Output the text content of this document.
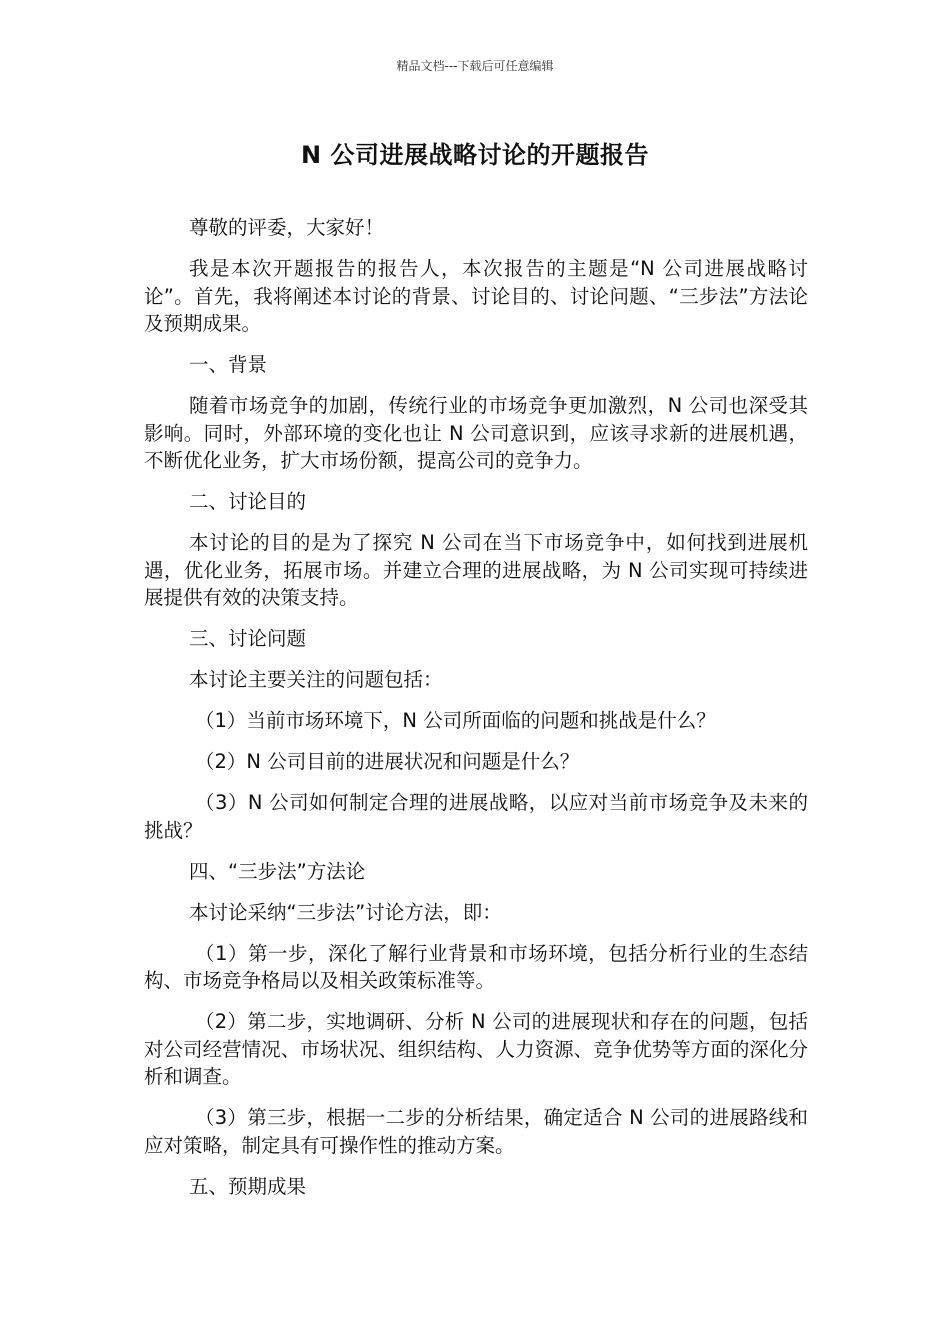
精品文档---下载后可任意编辑
N 公司进展战略讨论的开题报告

尊敬的评委，大家好！

我是本次开题报告的报告人，本次报告的主题是“N 公司进展战略讨论”。首先，我将阐述本讨论的背景、讨论目的、讨论问题、“三步法”方法论及预期成果。

一、背景

随着市场竞争的加剧，传统行业的市场竞争更加激烈，N 公司也深受其影响。同时，外部环境的变化也让 N 公司意识到，应该寻求新的进展机遇，不断优化业务，扩大市场份额，提高公司的竞争力。

二、讨论目的

本讨论的目的是为了探究 N 公司在当下市场竞争中，如何找到进展机遇，优化业务，拓展市场。并建立合理的进展战略，为 N 公司实现可持续进展提供有效的决策支持。

三、讨论问题

本讨论主要关注的问题包括：

（1）当前市场环境下，N 公司所面临的问题和挑战是什么？

（2）N 公司目前的进展状况和问题是什么？

（3）N 公司如何制定合理的进展战略，以应对当前市场竞争及未来的挑战？

四、“三步法”方法论

本讨论采纳“三步法”讨论方法，即：

（1）第一步，深化了解行业背景和市场环境，包括分析行业的生态结构、市场竞争格局以及相关政策标准等。

（2）第二步，实地调研、分析 N 公司的进展现状和存在的问题，包括对公司经营情况、市场状况、组织结构、人力资源、竞争优势等方面的深化分析和调查。

（3）第三步，根据一二步的分析结果，确定适合 N 公司的进展路线和应对策略，制定具有可操作性的推动方案。

五、预期成果
